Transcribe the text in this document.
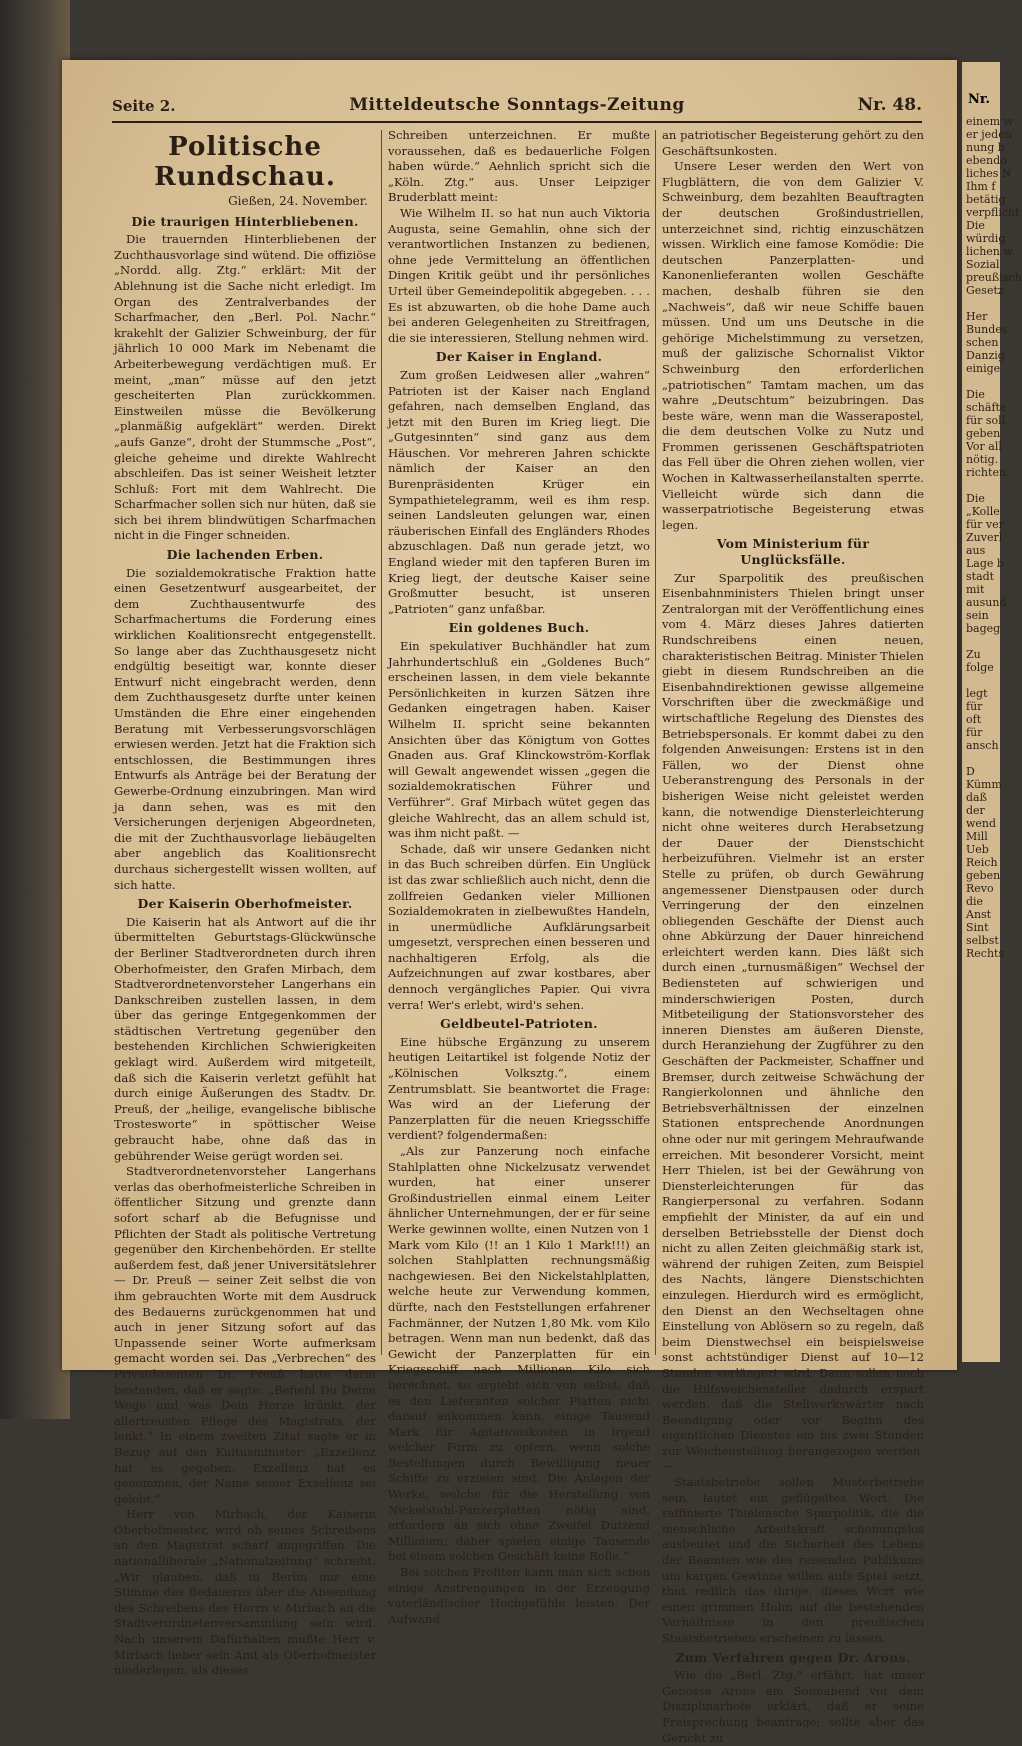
Nr.
einem w
er jeden
nung h
ebendo
liches N
Ihm f
betätig
verpflicht
Die
würdig
lichen w
Sozial
preußisch
Gesetz

Her
Bundes
schen
Danzig
einige

Die
schäfte
für soll
geben
Vor all
nötig.
richten.

Die
„Kolle
für ver
Zuverl
aus
Lage b
stadt
mit
ausund
sein
bageg

Zu
folge

legt
für
oft
für
ansch

D
Kümm
daß
der
wend
Mill
Ueb
Reich
geben
Revo
die
Anst
Sint
selbst
Rechts
Seite 2.	Mitteldeutsche Sonntags-Zeitung	Nr. 48.
Politische Rundschau.
Gießen, 24. November.
Die traurigen Hinterbliebenen.

Die trauernden Hinterbliebenen der Zuchthausvorlage sind wütend. Die offiziöse „Nordd. allg. Ztg.“ erklärt: Mit der Ablehnung ist die Sache nicht erledigt. Im Organ des Zentralverbandes der Scharfmacher, den „Berl. Pol. Nachr.“ krakehlt der Galizier Schweinburg, der für jährlich 10 000 Mark im Nebenamt die Arbeiterbewegung verdächtigen muß. Er meint, „man“ müsse auf den jetzt gescheiterten Plan zurückkommen. Einstweilen müsse die Bevölkerung „planmäßig aufgeklärt“ werden. Direkt „aufs Ganze“, droht der Stummsche „Post“, gleiche geheime und direkte Wahlrecht abschleifen. Das ist seiner Weisheit letzter Schluß: Fort mit dem Wahlrecht. Die Scharfmacher sollen sich nur hüten, daß sie sich bei ihrem blindwütigen Scharfmachen nicht in die Finger schneiden.

Die lachenden Erben.

Die sozialdemokratische Fraktion hatte einen Gesetzentwurf ausgearbeitet, der dem Zuchthausentwurfe des Scharfmachertums die Forderung eines wirklichen Koalitionsrecht entgegenstellt. So lange aber das Zuchthausgesetz nicht endgültig beseitigt war, konnte dieser Entwurf nicht eingebracht werden, denn dem Zuchthausgesetz durfte unter keinen Umständen die Ehre einer eingehenden Beratung mit Verbesserungsvorschlägen erwiesen werden. Jetzt hat die Fraktion sich entschlossen, die Bestimmungen ihres Entwurfs als Anträge bei der Beratung der Gewerbe-Ordnung einzubringen. Man wird ja dann sehen, was es mit den Versicherungen derjenigen Abgeordneten, die mit der Zuchthausvorlage liebäugelten aber angeblich das Koalitionsrecht durchaus sichergestellt wissen wollten, auf sich hatte.

Der Kaiserin Oberhofmeister.

Die Kaiserin hat als Antwort auf die ihr übermittelten Geburtstags-Glückwünsche der Berliner Stadtverordneten durch ihren Oberhofmeister, den Grafen Mirbach, dem Stadtverordnetenvorsteher Langerhans ein Dankschreiben zustellen lassen, in dem über das geringe Entgegenkommen der städtischen Vertretung gegenüber den bestehenden Kirchlichen Schwierigkeiten geklagt wird. Außerdem wird mitgeteilt, daß sich die Kaiserin verletzt gefühlt hat durch einige Äußerungen des Stadtv. Dr. Preuß, der „heilige, evangelische biblische Trostesworte“ in spöttischer Weise gebraucht habe, ohne daß das in gebührender Weise gerügt worden sei.

Stadtverordnetenvorsteher Langerhans verlas das oberhofmeisterliche Schreiben in öffentlicher Sitzung und grenzte dann sofort scharf ab die Befugnisse und Pflichten der Stadt als politische Vertretung gegenüber den Kirchenbehörden. Er stellte außerdem fest, daß jener Universitätslehrer — Dr. Preuß — seiner Zeit selbst die von ihm gebrauchten Worte mit dem Ausdruck des Bedauerns zurückgenommen hat und auch in jener Sitzung sofort auf das Unpassende seiner Worte aufmerksam gemacht worden sei. Das „Verbrechen“ des Privatdozenten Dr. Preuß hatte darin bestanden, daß er sagte: „Befiehl Du Deine Wege und was Dein Herze kränkt, der allertreusten Pflege des Magistrats, der lenkt.“ In einem zweiten Zitat sagte er in Bezug auf den Kultusminister: „Exzellenz hat es gegeben, Exzellenz hat es genommen, der Name seiner Exzellenz sei gelobt.“

Herr von Mirbach, der Kaiserin Oberhofmeister, wird ob seines Schreibens an den Magistrat scharf angegriffen. Die nationalliberale „Nationalzeitung“ schreibt: „Wir glauben, daß in Berlin nur eine Stimme des Bedauerns über die Absendung des Schreibens des Herrn v. Mirbach an die Stadtverordnetenversammlung sein wird. Nach unserem Dafürhalten mußte Herr v. Mirbach lieber sein Amt als Oberhofmeister niederlegen, als dieses

Schreiben unterzeichnen. Er mußte voraussehen, daß es bedauerliche Folgen haben würde.“ Aehnlich spricht sich die „Köln. Ztg.“ aus. Unser Leipziger Bruderblatt meint:

Wie Wilhelm II. so hat nun auch Viktoria Augusta, seine Gemahlin, ohne sich der verantwortlichen Instanzen zu bedienen, ohne jede Vermittelung an öffentlichen Dingen Kritik geübt und ihr persönliches Urteil über Gemeindepolitik abgegeben. . . . Es ist abzuwarten, ob die hohe Dame auch bei anderen Gelegenheiten zu Streitfragen, die sie interessieren, Stellung nehmen wird.

Der Kaiser in England.

Zum großen Leidwesen aller „wahren“ Patrioten ist der Kaiser nach England gefahren, nach demselben England, das jetzt mit den Buren im Krieg liegt. Die „Gutgesinnten“ sind ganz aus dem Häuschen. Vor mehreren Jahren schickte nämlich der Kaiser an den Burenpräsidenten Krüger ein Sympathietelegramm, weil es ihm resp. seinen Landsleuten gelungen war, einen räuberischen Einfall des Engländers Rhodes abzuschlagen. Daß nun gerade jetzt, wo England wieder mit den tapferen Buren im Krieg liegt, der deutsche Kaiser seine Großmutter besucht, ist unseren „Patrioten“ ganz unfaßbar.

Ein goldenes Buch.

Ein spekulativer Buchhändler hat zum Jahrhundertschluß ein „Goldenes Buch“ erscheinen lassen, in dem viele bekannte Persönlichkeiten in kurzen Sätzen ihre Gedanken eingetragen haben. Kaiser Wilhelm II. spricht seine bekannten Ansichten über das Königtum von Gottes Gnaden aus. Graf Klinckowström-Korflak will Gewalt angewendet wissen „gegen die sozialdemokratischen Führer und Verführer“. Graf Mirbach wütet gegen das gleiche Wahlrecht, das an allem schuld ist, was ihm nicht paßt. —

Schade, daß wir unsere Gedanken nicht in das Buch schreiben dürfen. Ein Unglück ist das zwar schließlich auch nicht, denn die zollfreien Gedanken vieler Millionen Sozialdemokraten in zielbewußtes Handeln, in unermüdliche Aufklärungsarbeit umgesetzt, versprechen einen besseren und nachhaltigeren Erfolg, als die Aufzeichnungen auf zwar kostbares, aber dennoch vergängliches Papier. Qui vivra verra! Wer's erlebt, wird's sehen.

Geldbeutel-Patrioten.

Eine hübsche Ergänzung zu unserem heutigen Leitartikel ist folgende Notiz der „Kölnischen Volksztg.“, einem Zentrumsblatt. Sie beantwortet die Frage: Was wird an der Lieferung der Panzerplatten für die neuen Kriegsschiffe verdient? folgendermaßen:

„Als zur Panzerung noch einfache Stahlplatten ohne Nickelzusatz verwendet wurden, hat einer unserer Großindustriellen einmal einem Leiter ähnlicher Unternehmungen, der er für seine Werke gewinnen wollte, einen Nutzen von 1 Mark vom Kilo (!! an 1 Kilo 1 Mark!!!) an solchen Stahlplatten rechnungsmäßig nachgewiesen. Bei den Nickelstahlplatten, welche heute zur Verwendung kommen, dürfte, nach den Feststellungen erfahrener Fachmänner, der Nutzen 1,80 Mk. vom Kilo betragen. Wenn man nun bedenkt, daß das Gewicht der Panzerplatten für ein Kriegsschiff nach Millionen Kilo sich berechnet, so ergiebt sich von selbst, daß es den Lieferanten solcher Platten nicht darauf ankommen kann, einige Tausend Mark für Agitationskosten in irgend welcher Form zu opfern, wenn solche Bestellungen durch Bewilligung neuer Schiffe zu erzielen sind. Die Anlagen der Werke, welche für die Herstellung von Nickelstahl-Panzerplatten nötig sind, erfordern an sich ohne Zweifel Dutzend Millionen; daher spielen einige Tausende bei einem solchen Geschäft keine Rolle.“

Bei solchen Profiten kann man sich schon einige Anstrengungen in der Erzeugung vaterländischer Hochgefühle leisten. Der Aufwand

an patriotischer Begeisterung gehört zu den Geschäftsunkosten.

Unsere Leser werden den Wert von Flugblättern, die von dem Galizier V. Schweinburg, dem bezahlten Beauftragten der deutschen Großindustriellen, unterzeichnet sind, richtig einzuschätzen wissen. Wirklich eine famose Komödie: Die deutschen Panzerplatten- und Kanonenlieferanten wollen Geschäfte machen, deshalb führen sie den „Nachweis“, daß wir neue Schiffe bauen müssen. Und um uns Deutsche in die gehörige Michelstimmung zu versetzen, muß der galizische Schornalist Viktor Schweinburg den erforderlichen „patriotischen“ Tamtam machen, um das wahre „Deutschtum“ beizubringen. Das beste wäre, wenn man die Wasserapostel, die dem deutschen Volke zu Nutz und Frommen gerissenen Geschäftspatrioten das Fell über die Ohren ziehen wollen, vier Wochen in Kaltwasserheilanstalten sperrte. Vielleicht würde sich dann die wasserpatriotische Begeisterung etwas legen.

Vom Ministerium für Unglücksfälle.

Zur Sparpolitik des preußischen Eisenbahnministers Thielen bringt unser Zentralorgan mit der Veröffentlichung eines vom 4. März dieses Jahres datierten Rundschreibens einen neuen, charakteristischen Beitrag. Minister Thielen giebt in diesem Rundschreiben an die Eisenbahndirektionen gewisse allgemeine Vorschriften über die zweckmäßige und wirtschaftliche Regelung des Dienstes des Betriebspersonals. Er kommt dabei zu den folgenden Anweisungen: Erstens ist in den Fällen, wo der Dienst ohne Ueberanstrengung des Personals in der bisherigen Weise nicht geleistet werden kann, die notwendige Diensterleichterung nicht ohne weiteres durch Herabsetzung der Dauer der Dienstschicht herbeizuführen. Vielmehr ist an erster Stelle zu prüfen, ob durch Gewährung angemessener Dienstpausen oder durch Verringerung der den einzelnen obliegenden Geschäfte der Dienst auch ohne Abkürzung der Dauer hinreichend erleichtert werden kann. Dies läßt sich durch einen „turnusmäßigen“ Wechsel der Bediensteten auf schwierigen und minderschwierigen Posten, durch Mitbeteiligung der Stationsvorsteher des inneren Dienstes am äußeren Dienste, durch Heranziehung der Zugführer zu den Geschäften der Packmeister, Schaffner und Bremser, durch zeitweise Schwächung der Rangierkolonnen und ähnliche den Betriebsverhältnissen der einzelnen Stationen entsprechende Anordnungen ohne oder nur mit geringem Mehraufwande erreichen. Mit besonderer Vorsicht, meint Herr Thielen, ist bei der Gewährung von Diensterleichterungen für das Rangierpersonal zu verfahren. Sodann empfiehlt der Minister, da auf ein und derselben Betriebsstelle der Dienst doch nicht zu allen Zeiten gleichmäßig stark ist, während der ruhigen Zeiten, zum Beispiel des Nachts, längere Dienstschichten einzulegen. Hierdurch wird es ermöglicht, den Dienst an den Wechseltagen ohne Einstellung von Ablösern so zu regeln, daß beim Dienstwechsel ein beispielsweise sonst achtstündiger Dienst auf 10—12 Stunden verlängert wird. Dann sollen noch die Hilfsweichensteller dadurch erspart werden, daß die Stellwerkswärter nach Beendigung oder vor Beginn des eigentlichen Dienstes ein bis zwei Stunden zur Weichenstellung herangezogen werden. —

Staatsbetriebe sollen Musterbetriebe sein, lautet ein geflügeltes Wort. Die raffinierte Thielensche Sparpolitik, die die menschliche Arbeitskraft schonungslos ausbeutet und die Sicherheit des Lebens der Beamten wie des reisenden Publikums um kargen Gewinns willen aufs Spiel setzt, thut redlich das ihrige, dieses Wort wie einen grimmen Hohn auf die bestehenden Verhältnisse in den preußischen Staatsbetrieben erscheinen zu lassen.

Zum Verfahren gegen Dr. Arons.

Wie die „Berl. Ztg.“ erfährt, hat unser Genosse Arons am Sonnabend vor dem Disziplinarhofe erklärt, daß er seine Freisprechung beantrage; sollte aber das Gericht zu
